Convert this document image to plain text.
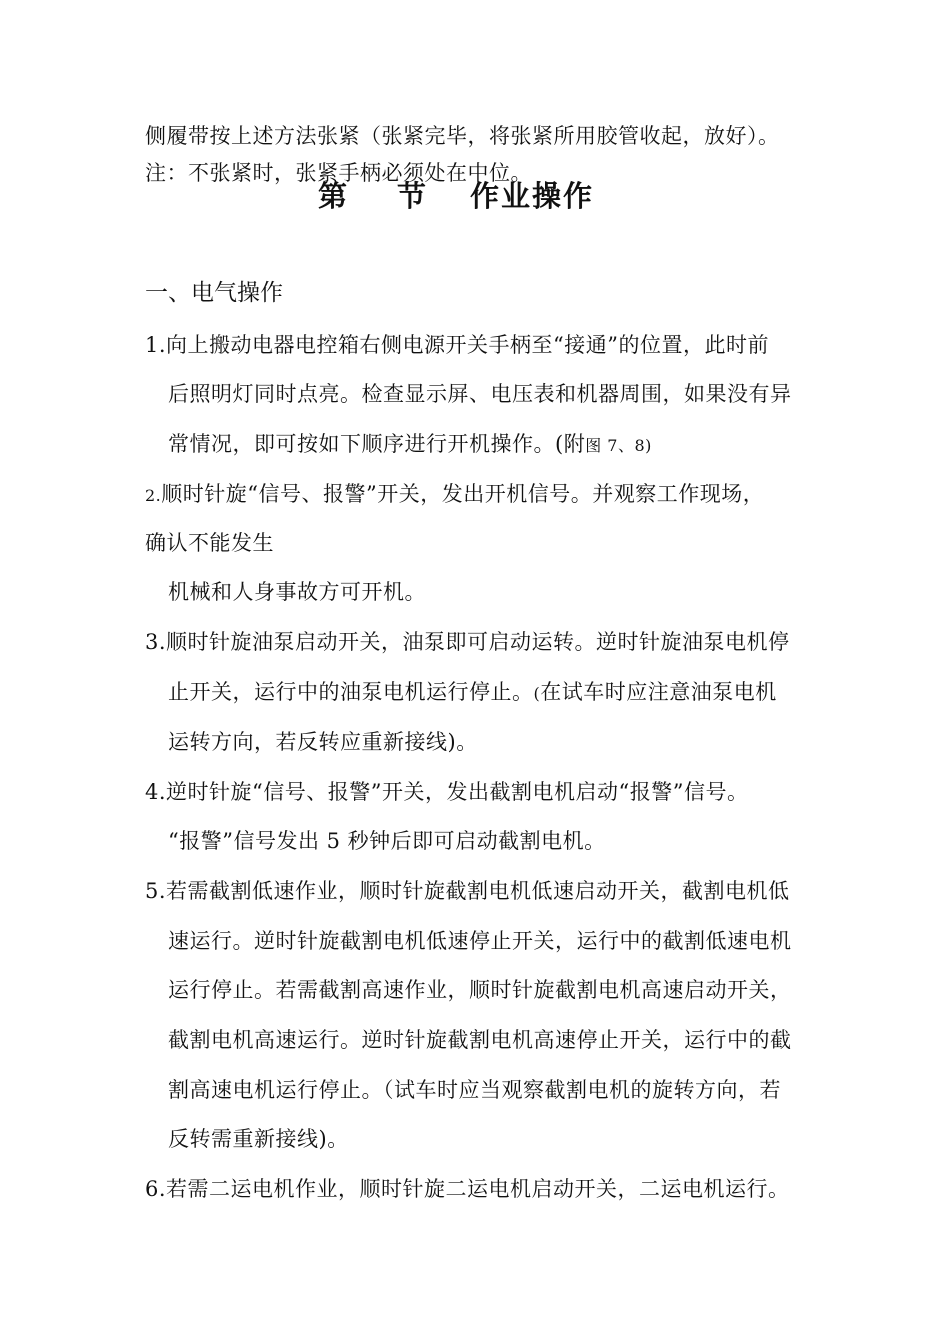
侧履带按上述方法张紧（张紧完毕，将张紧所用胶管收起，放好）。
注：不张紧时，张紧手柄必须处在中位。
第 节 作业操作
一、电气操作
1.向上搬动电器电控箱右侧电源开关手柄至“接通”的位置，此时前
后照明灯同时点亮。检查显示屏、电压表和机器周围，如果没有异
常情况，即可按如下顺序进行开机操作。(附图 7、8)
2.顺时针旋“信号、报警”开关，发出开机信号。并观察工作现场，
确认不能发生
机械和人身事故方可开机。
3.顺时针旋油泵启动开关，油泵即可启动运转。逆时针旋油泵电机停
止开关，运行中的油泵电机运行停止。(在试车时应注意油泵电机
运转方向，若反转应重新接线)。
4.逆时针旋“信号、报警”开关，发出截割电机启动“报警”信号。
“报警”信号发出 5 秒钟后即可启动截割电机。
5.若需截割低速作业，顺时针旋截割电机低速启动开关，截割电机低
速运行。逆时针旋截割电机低速停止开关，运行中的截割低速电机
运行停止。若需截割高速作业，顺时针旋截割电机高速启动开关，
截割电机高速运行。逆时针旋截割电机高速停止开关，运行中的截
割高速电机运行停止。（试车时应当观察截割电机的旋转方向，若
反转需重新接线)。
6.若需二运电机作业，顺时针旋二运电机启动开关，二运电机运行。
